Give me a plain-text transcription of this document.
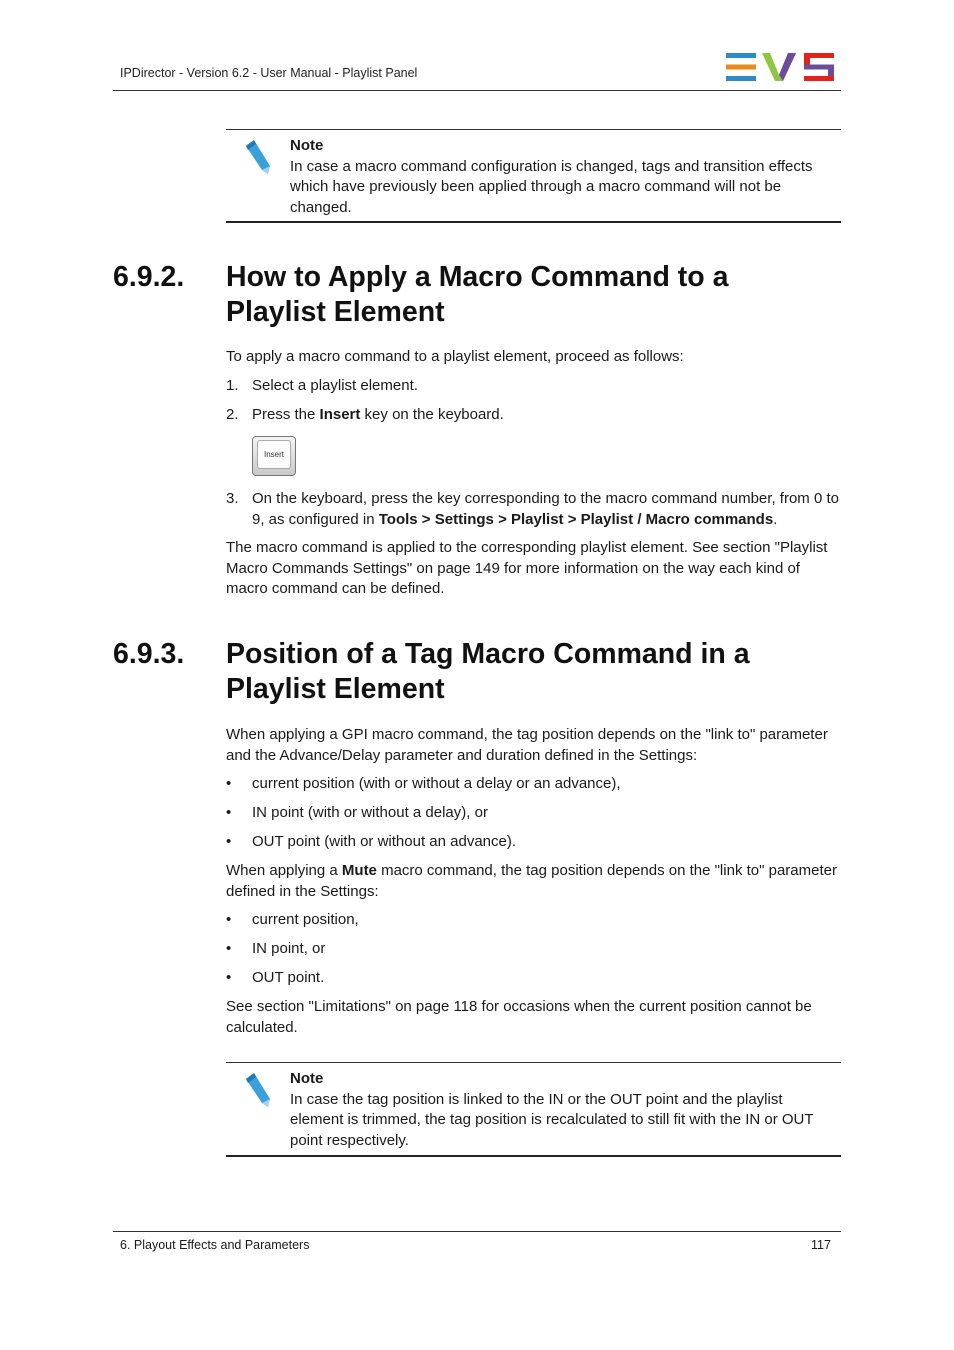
IPDirector - Version 6.2 - User Manual - Playlist Panel
Note
In case a macro command configuration is changed, tags and transition effects which have previously been applied through a macro command will not be changed.
6.9.2. How to Apply a Macro Command to a Playlist Element
To apply a macro command to a playlist element, proceed as follows:
1. Select a playlist element.
2. Press the Insert key on the keyboard.
Insert
3. On the keyboard, press the key corresponding to the macro command number, from 0 to 9, as configured in Tools > Settings > Playlist > Playlist / Macro commands.
The macro command is applied to the corresponding playlist element. See section "Playlist Macro Commands Settings" on page 149 for more information on the way each kind of macro command can be defined.
6.9.3. Position of a Tag Macro Command in a Playlist Element
When applying a GPI macro command, the tag position depends on the "link to" parameter and the Advance/Delay parameter and duration defined in the Settings:
• current position (with or without a delay or an advance),
• IN point (with or without a delay), or
• OUT point (with or without an advance).
When applying a Mute macro command, the tag position depends on the "link to" parameter defined in the Settings:
• current position,
• IN point, or
• OUT point.
See section "Limitations" on page 118 for occasions when the current position cannot be calculated.
Note
In case the tag position is linked to the IN or the OUT point and the playlist element is trimmed, the tag position is recalculated to still fit with the IN or OUT point respectively.
6. Playout Effects and Parameters	117
